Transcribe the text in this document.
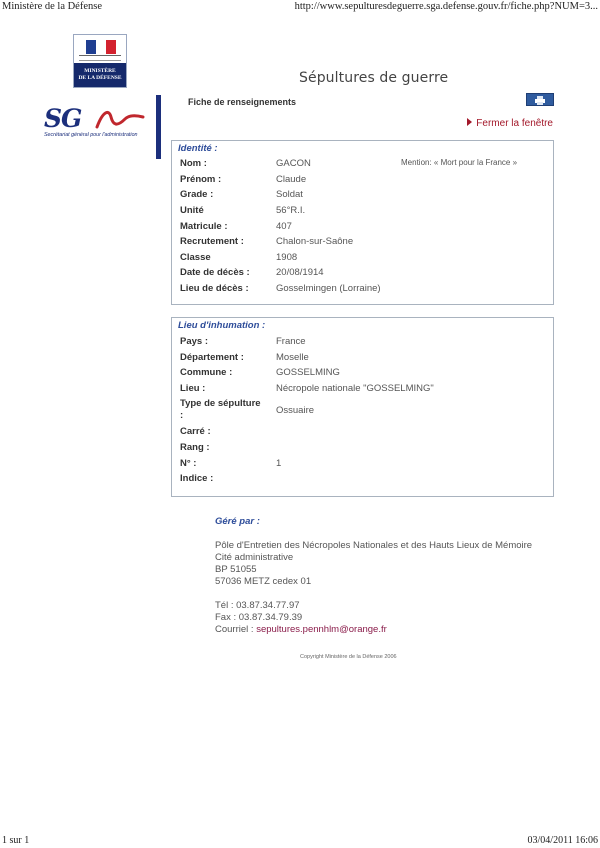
Ministère de la Défense	http://www.sepulturesdeguerre.sga.defense.gouv.fr/fiche.php?NUM=3...
MINISTÈRE
DE LA DÉFENSE	Sépultures de guerre
SG
Secrétariat général pour l'administration
Fiche de renseignements
Fermer la fenêtre
Identité :
Mention: « Mort pour la France »
Nom :	GACON
Prénom :	Claude
Grade :	Soldat
Unité	56°R.I.
Matricule :	407
Recrutement :	Chalon-sur-Saône
Classe	1908
Date de décès :	20/08/1914
Lieu de décès :	Gosselmingen (Lorraine)
Lieu d'inhumation :
Pays :	France
Département :	Moselle
Commune :	GOSSELMING
Lieu :	Nécropole nationale "GOSSELMING"
Type de sépulture
:	Ossuaire
Carré :
Rang :
N° :	1
Indice :
Géré par :
Pôle d'Entretien des Nécropoles Nationales et des Hauts Lieux de Mémoire
Cité administrative
BP 51055
57036 METZ cedex 01
Tél : 03.87.34.77.97
Fax : 03.87.34.79.39
Courriel : sepultures.pennhlm@orange.fr
Copyright Ministère de la Défense 2006
1 sur 1	03/04/2011 16:06
